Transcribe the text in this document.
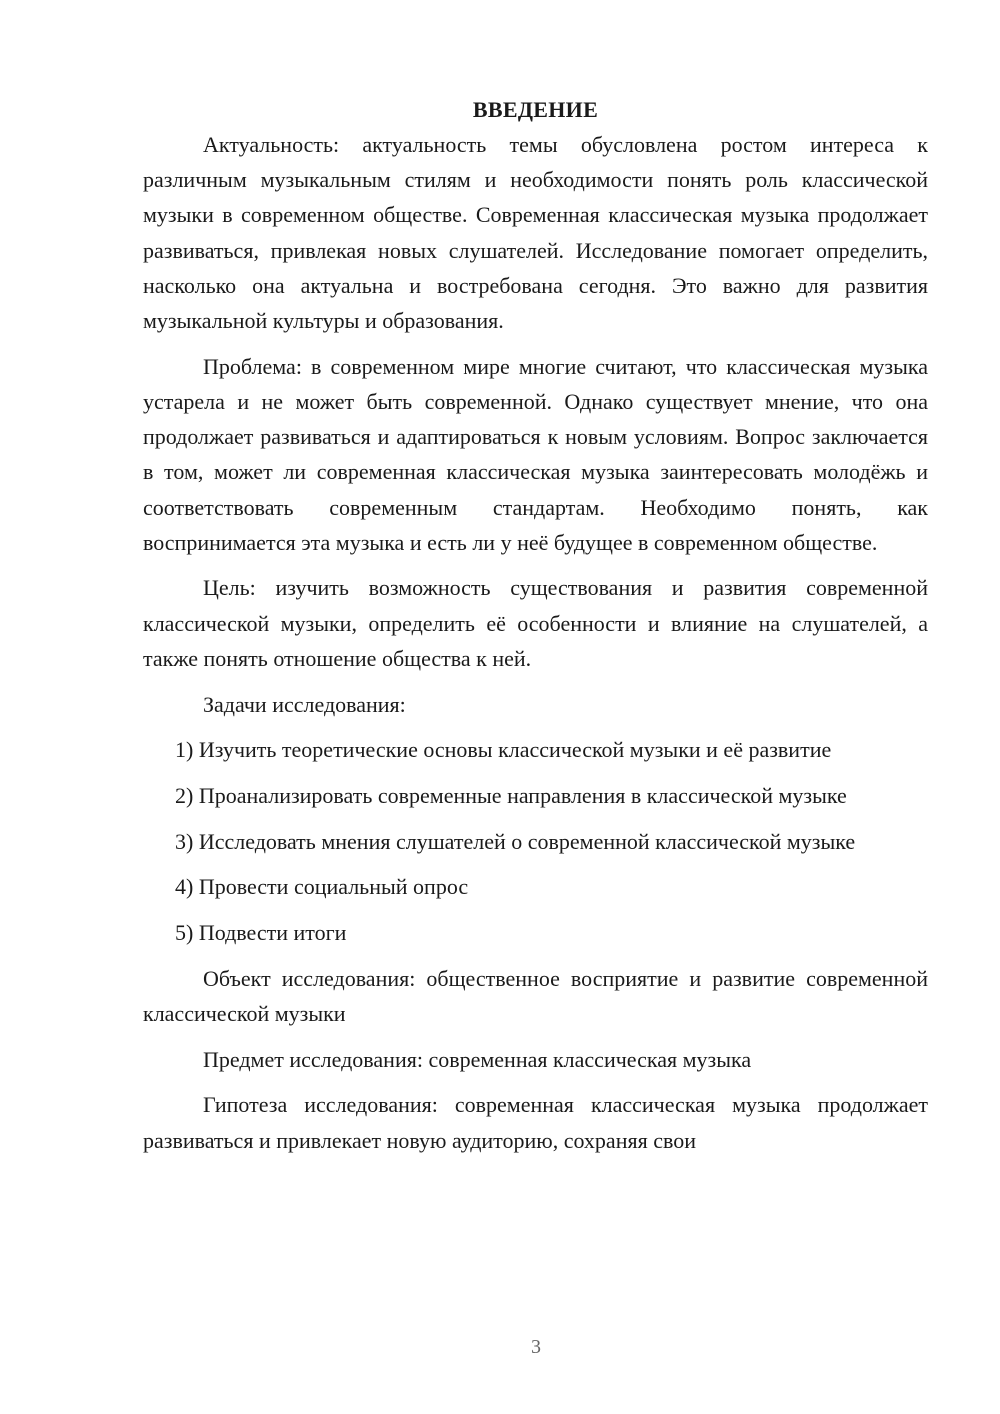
ВВЕДЕНИЕ

Актуальность: актуальность темы обусловлена ростом интереса к различным музыкальным стилям и необходимости понять роль классической музыки в современном обществе. Современная классическая музыка продолжает развиваться, привлекая новых слушателей. Исследование помогает определить, насколько она актуальна и востребована сегодня. Это важно для развития музыкальной культуры и образования.

Проблема: в современном мире многие считают, что классическая музыка устарела и не может быть современной. Однако существует мнение, что она продолжает развиваться и адаптироваться к новым условиям. Вопрос заключается в том, может ли современная классическая музыка заинтересовать молодёжь и соответствовать современным стандартам. Необходимо понять, как воспринимается эта музыка и есть ли у неё будущее в современном обществе.

Цель: изучить возможность существования и развития современной классической музыки, определить её особенности и влияние на слушателей, а также понять отношение общества к ней.

Задачи исследования:

1) Изучить теоретические основы классической музыки и её развитие

2) Проанализировать современные направления в классической музыке

3) Исследовать мнения слушателей о современной классической музыке

4) Провести социальный опрос

5) Подвести итоги

Объект исследования: общественное восприятие и развитие современной классической музыки

Предмет исследования: современная классическая музыка

Гипотеза исследования: современная классическая музыка продолжает развиваться и привлекает новую аудиторию, сохраняя свои

3
